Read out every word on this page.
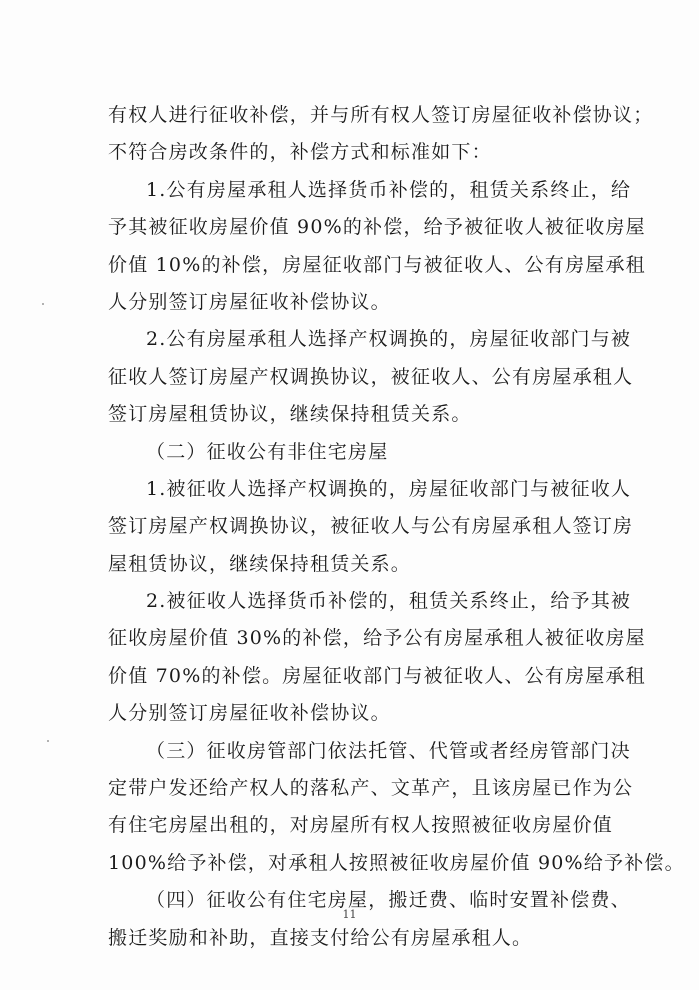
有权人进行征收补偿，并与所有权人签订房屋征收补偿协议；
不符合房改条件的，补偿方式和标准如下：
1.公有房屋承租人选择货币补偿的，租赁关系终止，给
予其被征收房屋价值 90%的补偿，给予被征收人被征收房屋
价值 10%的补偿，房屋征收部门与被征收人、公有房屋承租
人分别签订房屋征收补偿协议。
2.公有房屋承租人选择产权调换的，房屋征收部门与被
征收人签订房屋产权调换协议，被征收人、公有房屋承租人
签订房屋租赁协议，继续保持租赁关系。
（二）征收公有非住宅房屋
1.被征收人选择产权调换的，房屋征收部门与被征收人
签订房屋产权调换协议，被征收人与公有房屋承租人签订房
屋租赁协议，继续保持租赁关系。
2.被征收人选择货币补偿的，租赁关系终止，给予其被
征收房屋价值 30%的补偿，给予公有房屋承租人被征收房屋
价值 70%的补偿。房屋征收部门与被征收人、公有房屋承租
人分别签订房屋征收补偿协议。
（三）征收房管部门依法托管、代管或者经房管部门决
定带户发还给产权人的落私产、文革产，且该房屋已作为公
有住宅房屋出租的，对房屋所有权人按照被征收房屋价值
100%给予补偿，对承租人按照被征收房屋价值 90%给予补偿。
（四）征收公有住宅房屋，搬迁费、临时安置补偿费、
搬迁奖励和补助，直接支付给公有房屋承租人。
11
